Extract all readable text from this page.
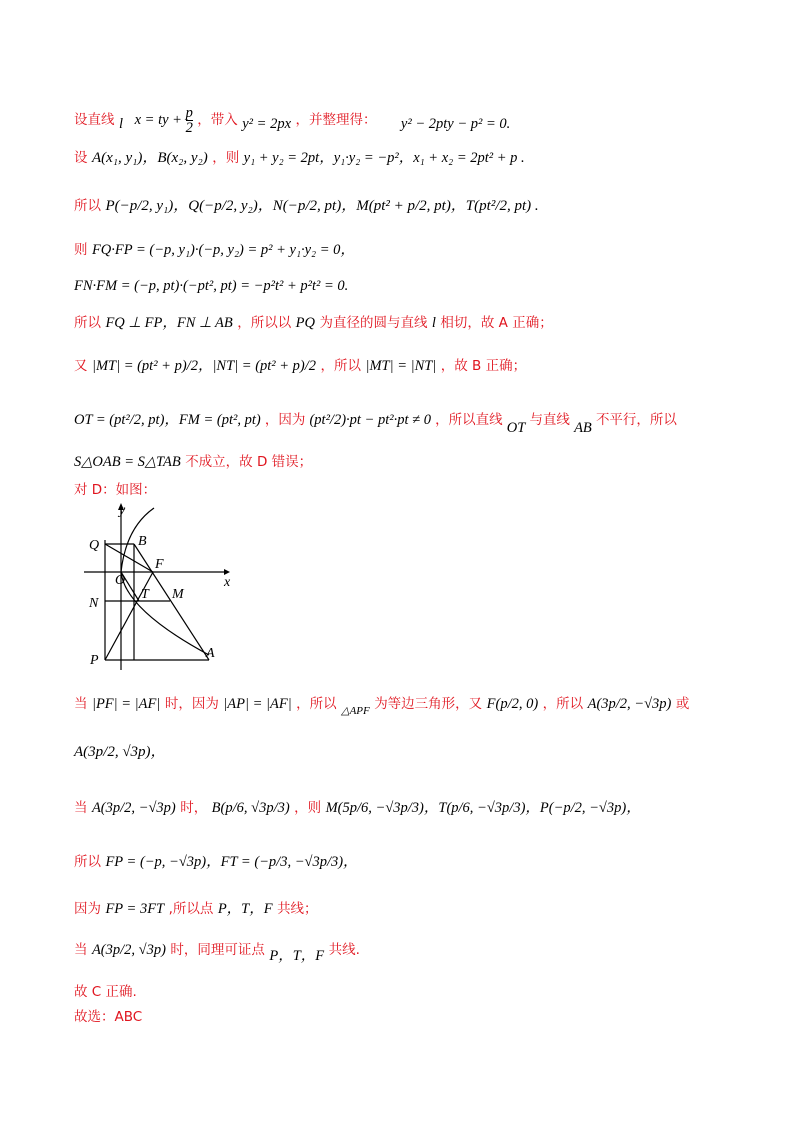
设直线 l x = ty + $\frac{p}{2}$ ，带入 y² = 2px ，并整理得： y² − 2pty − p² = 0.
设 A(x₁, y₁)，B(x₂, y₂) ，则 y₁ + y₂ = 2pt，y₁·y₂ = −p²，x₁ + x₂ = 2pt² + p .
所以 P(−p/2, y₁)，Q(−p/2, y₂)，N(−p/2, pt)，M(pt² + p/2, pt)，T(pt²/2, pt) .
则 FQ·FP = (−p, y₁)·(−p, y₂) = p² + y₁·y₂ = 0，
FN·FM = (−p, pt)·(−pt², pt) = −p²t² + p²t² = 0.
所以 FQ ⊥ FP，FN ⊥ AB ，所以以 PQ 为直径的圆与直线 l 相切，故 A 正确；
又 |MT| = (pt² + p)/2，|NT| = (pt² + p)/2 ，所以 |MT| = |NT| ，故 B 正确；
OT = (pt²/2, pt)，FM = (pt², pt) ，因为 (pt²/2)·pt − pt²·pt ≠ 0 ，所以直线 OT 与直线 AB 不平行，所以
S△OAB = S△TAB 不成立，故 D 错误；
对 D：如图：
y
x
Q	B
F
O
T M
N
P	A
当 |PF| = |AF| 时，因为 |AP| = |AF| ，所以 $_{\triangle APF}$ 为等边三角形，又 F(p/2, 0) ，所以 A(3p/2, −√3p) 或
A(3p/2, √3p)，
当 A(3p/2, −√3p) 时， B(p/6, √3p/3) ，则 M(5p/6, −√3p/3)，T(p/6, −√3p/3)，P(−p/2, −√3p)，
所以 FP = (−p, −√3p)，FT = (−p/3, −√3p/3)，
因为 FP = 3FT ,所以点 P，T，F 共线；
当 A(3p/2, √3p) 时，同理可证点 P，T，F 共线.
故 C 正确.
故选：ABC
